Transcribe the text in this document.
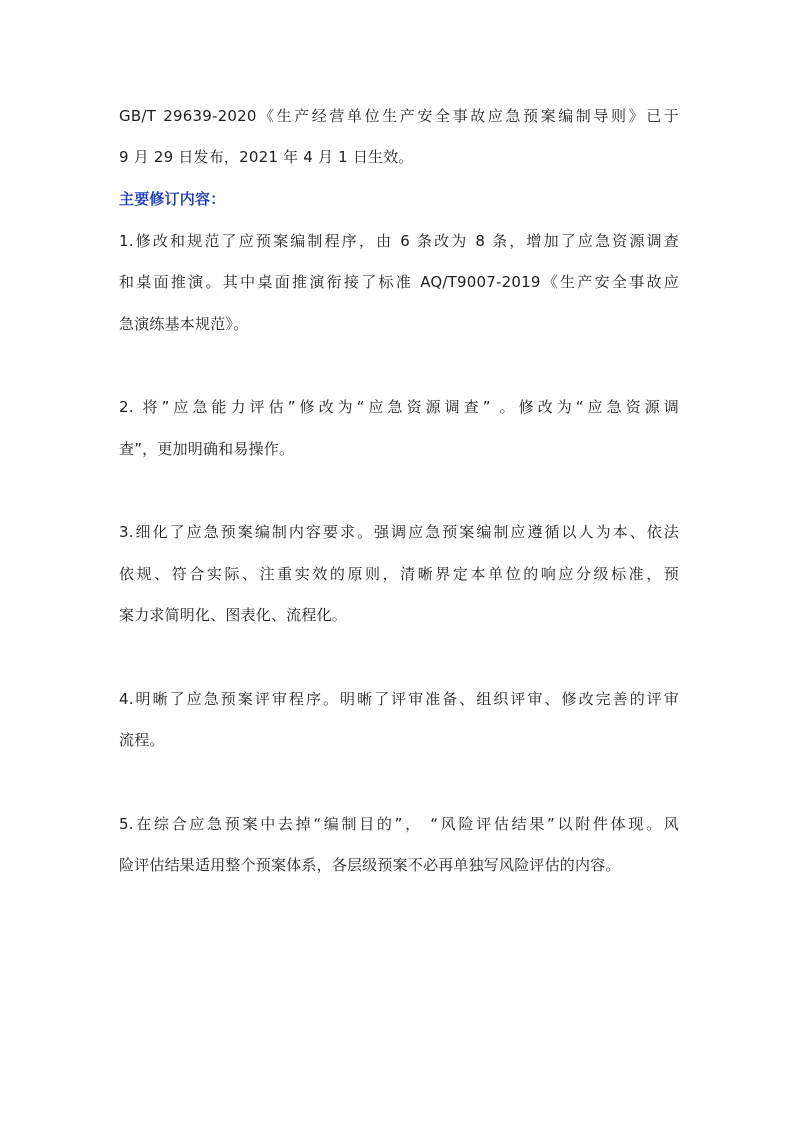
GB/T 29639-2020《生产经营单位生产安全事故应急预案编制导则》已于
9 月 29 日发布，2021 年 4 月 1 日生效。
主要修订内容：
1.修改和规范了应预案编制程序，由 6 条改为 8 条，增加了应急资源调查
和桌面推演。其中桌面推演衔接了标准 AQ/T9007-2019《生产安全事故应
急演练基本规范》。
2. 将”应急能力评估”修改为“应急资源调查” 。修改为“应急资源调
查”，更加明确和易操作。
3.细化了应急预案编制内容要求。强调应急预案编制应遵循以人为本、依法
依规、符合实际、注重实效的原则，清晰界定本单位的响应分级标准，预
案力求简明化、图表化、流程化。
4.明晰了应急预案评审程序。明晰了评审准备、组织评审、修改完善的评审
流程。
5.在综合应急预案中去掉“编制目的”， “风险评估结果”以附件体现。风
险评估结果适用整个预案体系，各层级预案不必再单独写风险评估的内容。
